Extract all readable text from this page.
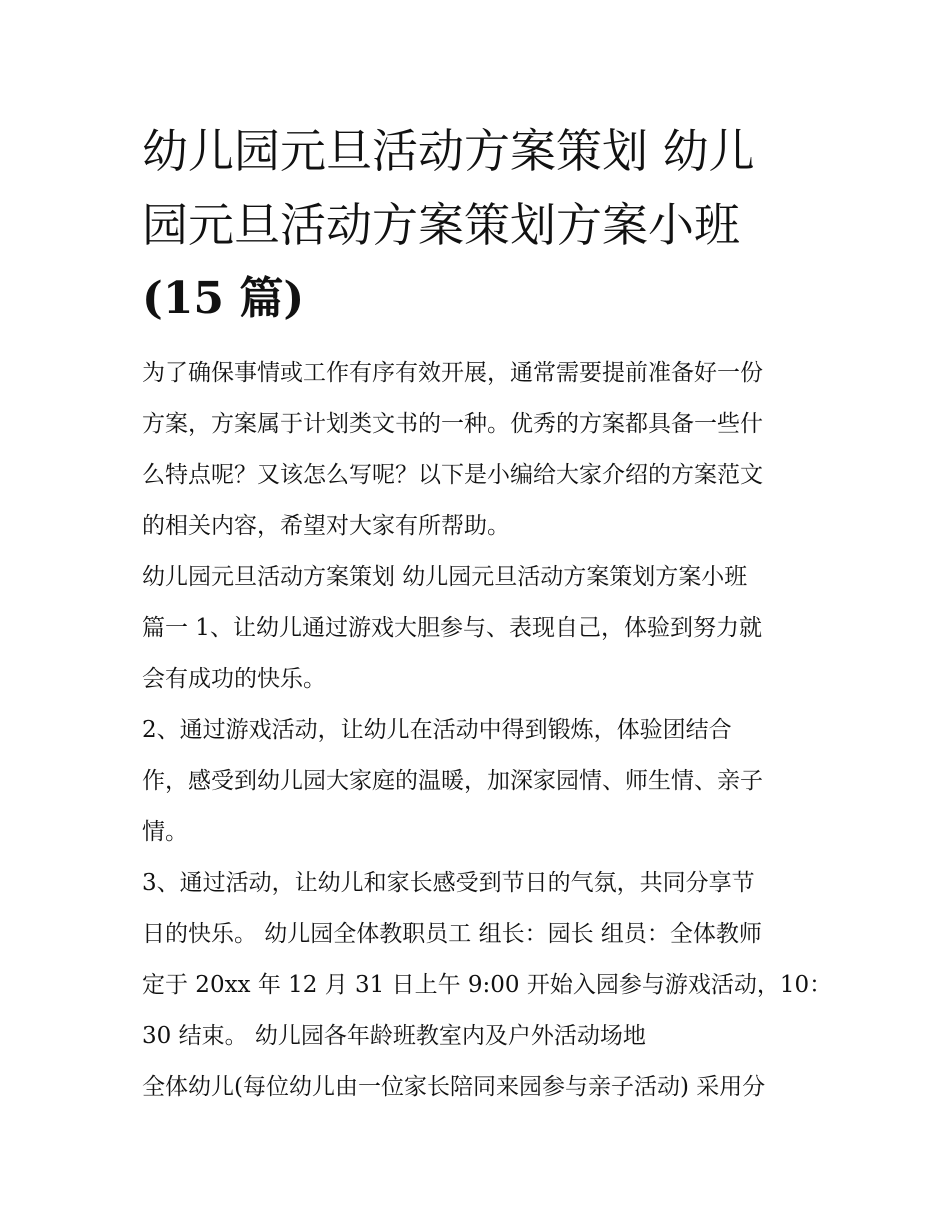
幼儿园元旦活动方案策划 幼儿
园元旦活动方案策划方案小班
(15 篇)
为了确保事情或工作有序有效开展，通常需要提前准备好一份
方案，方案属于计划类文书的一种。优秀的方案都具备一些什
么特点呢？又该怎么写呢？以下是小编给大家介绍的方案范文
的相关内容，希望对大家有所帮助。
幼儿园元旦活动方案策划 幼儿园元旦活动方案策划方案小班
篇一 1、让幼儿通过游戏大胆参与、表现自己，体验到努力就
会有成功的快乐。
2、通过游戏活动，让幼儿在活动中得到锻炼，体验团结合
作，感受到幼儿园大家庭的温暖，加深家园情、师生情、亲子
情。
3、通过活动，让幼儿和家长感受到节日的气氛，共同分享节
日的快乐。 幼儿园全体教职员工 组长：园长 组员：全体教师
定于 20xx 年 12 月 31 日上午 9:00 开始入园参与游戏活动，10：
30 结束。 幼儿园各年龄班教室内及户外活动场地
全体幼儿(每位幼儿由一位家长陪同来园参与亲子活动) 采用分
